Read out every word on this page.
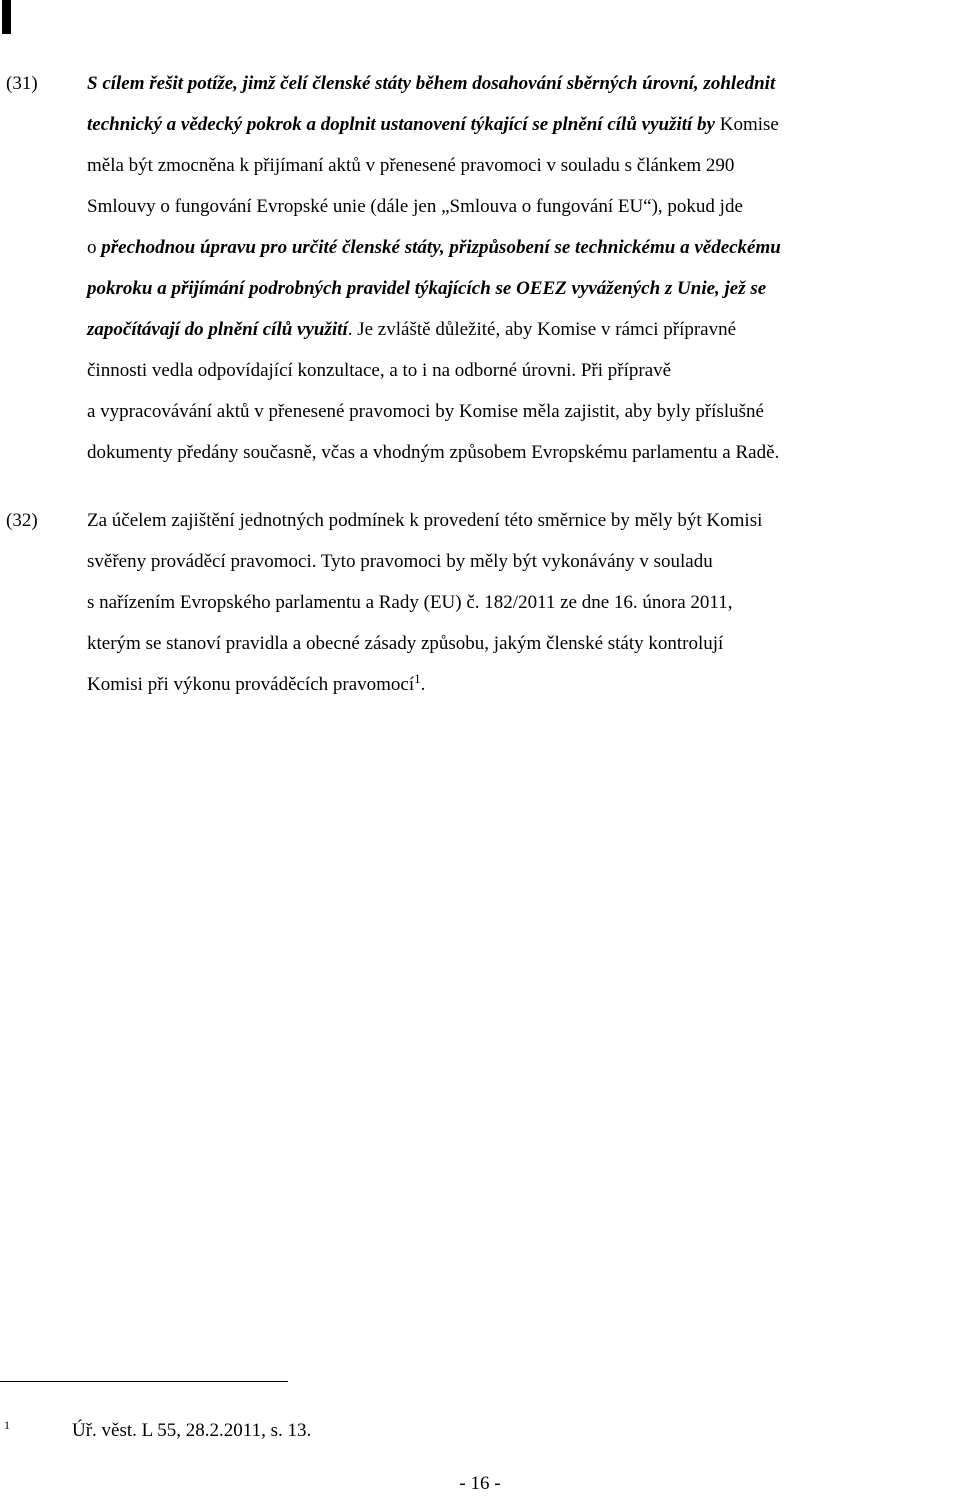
(31)	S cílem řešit potíže, jimž čelí členské státy během dosahování sběrných úrovní, zohlednit
technický a vědecký pokrok a doplnit ustanovení týkající se plnění cílů využití by Komise
měla být zmocněna k přijímaní aktů v přenesené pravomoci v souladu s článkem 290
Smlouvy o fungování Evropské unie (dále jen „Smlouva o fungování EU“), pokud jde
o přechodnou úpravu pro určité členské státy, přizpůsobení se technickému a vědeckému
pokroku a přijímání podrobných pravidel týkajících se OEEZ vyvážených z Unie, jež se
započítávají do plnění cílů využití. Je zvláště důležité, aby Komise v rámci přípravné
činnosti vedla odpovídající konzultace, a to i na odborné úrovni. Při přípravě
a vypracovávání aktů v přenesené pravomoci by Komise měla zajistit, aby byly příslušné
dokumenty předány současně, včas a vhodným způsobem Evropskému parlamentu a Radě.
(32)	Za účelem zajištění jednotných podmínek k provedení této směrnice by měly být Komisi
svěřeny prováděcí pravomoci. Tyto pravomoci by měly být vykonávány v souladu
s nařízením Evropského parlamentu a Rady (EU) č. 182/2011 ze dne 16. února 2011,
kterým se stanoví pravidla a obecné zásady způsobu, jakým členské státy kontrolují
Komisi při výkonu prováděcích pravomocí$^1$.
1	Úř. věst. L 55, 28.2.2011, s. 13.
- 16 -
